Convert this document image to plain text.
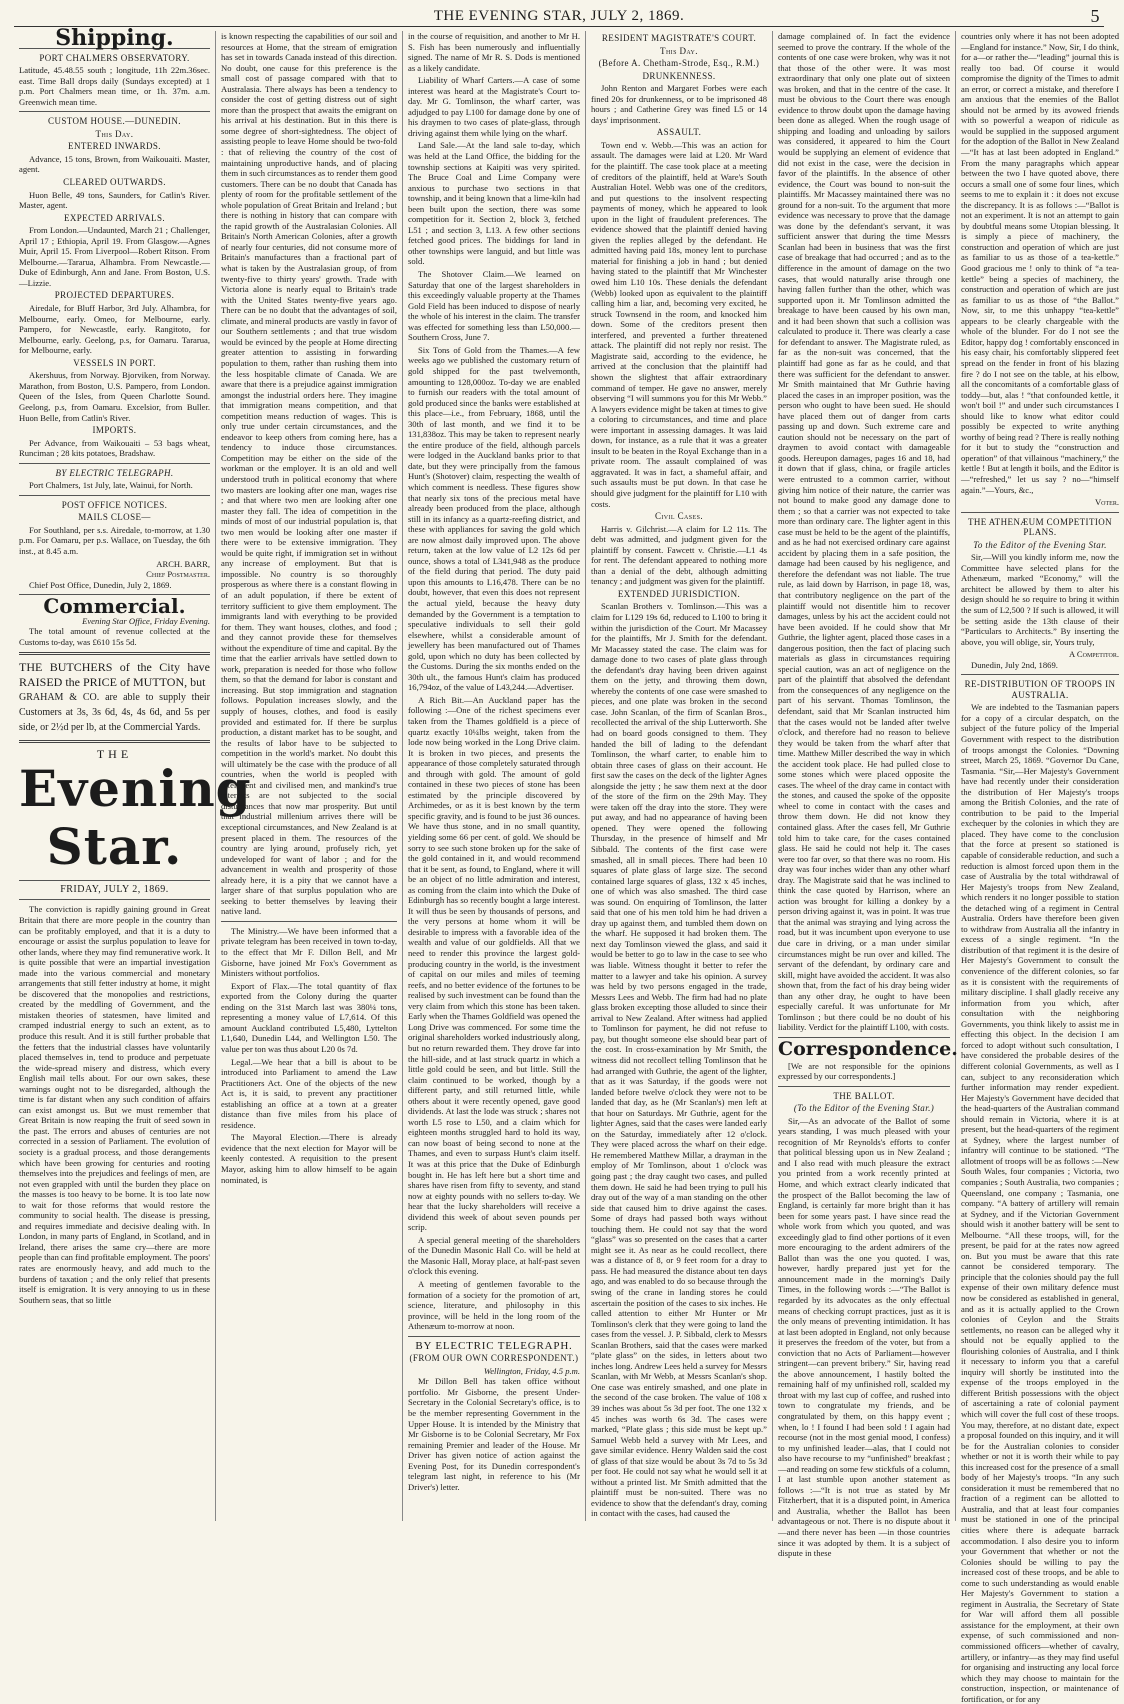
THE EVENING STAR, JULY 2, 1869.	5
Shipping.
PORT CHALMERS OBSERVATORY.

Latitude, 45.48.55 south ; longitude, 11h 22m.36sec. east. Time Ball drops daily (Sundays excepted) at 1 p.m. Port Chalmers mean time, or 1h. 37m. a.m. Greenwich mean time.

CUSTOM HOUSE.—DUNEDIN.
This Day.
ENTERED INWARDS.

Advance, 15 tons, Brown, from Waikouaiti. Master, agent.

CLEARED OUTWARDS.

Huon Belle, 49 tons, Saunders, for Catlin's River. Master, agent.

EXPECTED ARRIVALS.

From London.—Undaunted, March 21 ; Challenger, April 17 ; Ethiopia, April 19. From Glasgow.—Agnes Muir, April 15. From Liverpool—Robert Ritson. From Melbourne.—Tararua, Alhambra. From Newcastle.—Duke of Edinburgh, Ann and Jane. From Boston, U.S.—Lizzie.

PROJECTED DEPARTURES.

Airedale, for Bluff Harbor, 3rd July. Alhambra, for Melbourne, early. Omeo, for Melbourne, early. Pampero, for Newcastle, early. Rangitoto, for Melbourne, early. Geelong, p.s, for Oamaru. Tararua, for Melbourne, early.

VESSELS IN PORT.

Akershuus, from Norway. Bjorviken, from Norway. Marathon, from Boston, U.S. Pampero, from London. Queen of the Isles, from Queen Charlotte Sound. Geelong, p.s, from Oamaru. Excelsior, from Buller. Huon Belle, from Catlin's River.

IMPORTS.

Per Advance, from Waikouaiti – 53 bags wheat, Runciman ; 28 kits potatoes, Bradshaw.

BY ELECTRIC TELEGRAPH.

Port Chalmers, 1st July, late, Wainui, for North.

POST OFFICE NOTICES.
MAILS CLOSE—

For Southland, per s.s. Airedale, to-morrow, at 1.30 p.m. For Oamaru, per p.s. Wallace, on Tuesday, the 6th inst., at 8.45 a.m.

ARCH. BARR,
Chief Postmaster.

Chief Post Office, Dunedin, July 2, 1869.

Commercial.
Evening Star Office, Friday Evening.

The total amount of revenue collected at the Customs to-day, was £610 15s 5d.

THE BUTCHERS of the City have RAISED the PRICE of MUTTON, but
GRAHAM & CO. are able to supply their Customers at 3s, 3s 6d, 4s, 4s 6d, and 5s per side, or 2½d per lb, at the Commercial Yards.
THE
Evening Star.
FRIDAY, JULY 2, 1869.

The conviction is rapidly gaining ground in Great Britain that there are more people in the country than can be profitably employed, and that it is a duty to encourage or assist the surplus population to leave for other lands, where they may find remunerative work. It is quite possible that were an impartial investigation made into the various commercial and monetary arrangements that still fetter industry at home, it might be discovered that the monopolies and restrictions, created by the meddling of Government, and the mistaken theories of statesmen, have limited and cramped industrial energy to such an extent, as to produce this result. And it is still further probable that the fetters that the industrial classes have voluntarily placed themselves in, tend to produce and perpetuate the wide-spread misery and distress, which every English mail tells about. For our own sakes, these warnings ought not to be disregarded, although the time is far distant when any such condition of affairs can exist amongst us. But we must remember that Great Britain is now reaping the fruit of seed sown in the past. The errors and abuses of centuries are not corrected in a session of Parliament. The evolution of society is a gradual process, and those derangements which have been growing for centuries and rooting themselves into the prejudices and feelings of men, are not even grappled with until the burden they place on the masses is too heavy to be borne. It is too late now to wait for those reforms that would restore the community to social health. The disease is pressing, and requires immediate and decisive dealing with. In London, in many parts of England, in Scotland, and in Ireland, there arises the same cry—there are more people than can find profitable employment. The poors' rates are enormously heavy, and add much to the burdens of taxation ; and the only relief that presents itself is emigration. It is very annoying to us in these Southern seas, that so little

is known respecting the capabilities of our soil and resources at Home, that the stream of emigration has set in towards Canada instead of this direction. No doubt, one cause for this preference is the small cost of passage compared with that to Australasia. There always has been a tendency to consider the cost of getting distress out of sight more than the prospect that awaits the emigrant on his arrival at his destination. But in this there is some degree of short-sightedness. The object of assisting people to leave Home should be two-fold : that of relieving the country of the cost of maintaining unproductive hands, and of placing them in such circumstances as to render them good customers. There can be no doubt that Canada has plenty of room for the profitable settlement of the whole population of Great Britain and Ireland ; but there is nothing in history that can compare with the rapid growth of the Australasian Colonies. All Britain's North American Colonies, after a growth of nearly four centuries, did not consume more of Britain's manufactures than a fractional part of what is taken by the Australasian group, of from twenty-five to thirty years' growth. Trade with Victoria alone is nearly equal to Britain's trade with the United States twenty-five years ago. There can be no doubt that the advantages of soil, climate, and mineral products are vastly in favor of our Southern settlements ; and that true wisdom would be evinced by the people at Home directing greater attention to assisting in forwarding population to them, rather than rushing them into the less hospitable climate of Canada. We are aware that there is a prejudice against immigration amongst the industrial orders here. They imagine that immigration means competition, and that competition means reduction of wages. This is only true under certain circumstances, and the endeavor to keep others from coming here, has a tendency to induce those circumstances. Competition may be either on the side of the workman or the employer. It is an old and well understood truth in political economy that where two masters are looking after one man, wages rise ; and that where two men are looking after one master they fall. The idea of competition in the minds of most of our industrial population is, that two men would be looking after one master if there were to be extensive immigration. They would be quite right, if immigration set in without any increase of employment. But that is impossible. No country is so thoroughly prosperous as where there is a constant flowing in of an adult population, if there be extent of territory sufficient to give them employment. The immigrants land with everything to be provided for them. They want houses, clothes, and food ; and they cannot provide these for themselves without the expenditure of time and capital. By the time that the earlier arrivals have settled down to work, preparation is needed for those who follow them, so that the demand for labor is constant and increasing. But stop immigration and stagnation follows. Population increases slowly, and the supply of houses, clothes, and food is easily provided and estimated for. If there be surplus production, a distant market has to be sought, and the results of labor have to be subjected to competition in the world's market. No doubt this will ultimately be the case with the produce of all countries, when the world is peopled with intelligent and civilised men, and mankind's true interests are not subjected to the social disturbances that now mar prosperity. But until that industrial millenium arrives there will be exceptional circumstances, and New Zealand is at present placed in them. The resources of the country are lying around, profusely rich, yet undeveloped for want of labor ; and for the advancement in wealth and prosperity of those already here, it is a pity that we cannot have a larger share of that surplus population who are seeking to better themselves by leaving their native land.

The Ministry.—We have been informed that a private telegram has been received in town to-day, to the effect that Mr F. Dillon Bell, and Mr Gisborne, have joined Mr Fox's Government as Ministers without portfolios.

Export of Flax.—The total quantity of flax exported from the Colony during the quarter ending on the 31st March last was 380¼ tons, representing a money value of L7,614. Of this amount Auckland contributed L5,480, Lyttelton L1,640, Dunedin L44, and Wellington L50. The value per ton was thus about L20 0s 7d.

Legal.—We hear that a bill is about to be introduced into Parliament to amend the Law Practitioners Act. One of the objects of the new Act is, it is said, to prevent any practitioner establishing an office at a town at a greater distance than five miles from his place of residence.

The Mayoral Election.—There is already evidence that the next election for Mayor will be keenly contested. A requisition to the present Mayor, asking him to allow himself to be again nominated, is

in the course of requisition, and another to Mr H. S. Fish has been numerously and influentially signed. The name of Mr R. S. Dods is mentioned as a likely candidate.

Liability of Wharf Carters.—A case of some interest was heard at the Magistrate's Court to-day. Mr G. Tomlinson, the wharf carter, was adjudged to pay L100 for damage done by one of his draymen to two cases of plate-glass, through driving against them while lying on the wharf.

Land Sale.—At the land sale to-day, which was held at the Land Office, the bidding for the township sections at Kaipiti was very spirited. The Bruce Coal and Lime Company were anxious to purchase two sections in that township, and it being known that a lime-kiln had been built upon the section, there was some competition for it. Section 2, block 3, fetched L51 ; and section 3, L13. A few other sections fetched good prices. The biddings for land in other townships were languid, and but little was sold.

The Shotover Claim.—We learned on Saturday that one of the largest shareholders in this exceedingly valuable property at the Thames Gold Field has been induced to dispose of nearly the whole of his interest in the claim. The transfer was effected for something less than L50,000.—Southern Cross, June 7.

Six Tons of Gold from the Thames.—A few weeks ago we published the customary return of gold shipped for the past twelvemonth, amounting to 128,000oz. To-day we are enabled to furnish our readers with the total amount of gold produced since the banks were established at this place—i.e., from February, 1868, until the 30th of last month, and we find it to be 131,838oz. This may be taken to represent nearly the entire produce of the field, although parcels were lodged in the Auckland banks prior to that date, but they were principally from the famous Hunt's (Shotover) claim, respecting the wealth of which comment is needless. These figures show that nearly six tons of the precious metal have already been produced from the place, although still in its infancy as a quartz-reefing district, and these with appliances for saving the gold which are now almost daily improved upon. The above return, taken at the low value of L2 12s 6d per ounce, shows a total of L341,948 as the produce of the field during that period. The duty paid upon this amounts to L16,478. There can be no doubt, however, that even this does not represent the actual yield, because the heavy duty demanded by the Government is a temptation to speculative individuals to sell their gold elsewhere, whilst a considerable amount of jewellery has been manufactured out of Thames gold, upon which no duty has been collected by the Customs. During the six months ended on the 30th ult., the famous Hunt's claim has produced 16,794oz, of the value of L43,244.—Advertiser.

A Rich Bit.—An Auckland paper has the following :—One of the richest specimens ever taken from the Thames goldfield is a piece of quartz exactly 10¼lbs weight, taken from the lode now being worked in the Long Drive claim. It is broken in two pieces, and presents the appearance of those completely saturated through and through with gold. The amount of gold contained in these two pieces of stone has been estimated by the principle discovered by Archimedes, or as it is best known by the term specific gravity, and is found to be just 36 ounces. We have thus stone, and in no small quantity, yielding some 66 per cent. of gold. We should be sorry to see such stone broken up for the sake of the gold contained in it, and would recommend that it be sent, as found, to England, where it will be an object of no little admiration and interest, as coming from the claim into which the Duke of Edinburgh has so recently bought a large interest. It will thus be seen by thousands of persons, and the very persons at home whom it will be desirable to impress with a favorable idea of the wealth and value of our goldfields. All that we need to render this province the largest gold-producing country in the world, is the investment of capital on our miles and miles of teeming reefs, and no better evidence of the fortunes to be realised by such investment can be found than the very claim from which this stone has been taken. Early when the Thames Goldfield was opened the Long Drive was commenced. For some time the original shareholders worked industriously along, but no return rewarded them. They drove far into the hill-side, and at last struck quartz in which a little gold could be seen, and but little. Still the claim continued to be worked, though by a different party, and still returned little, while others about it were recently opened, gave good dividends. At last the lode was struck ; shares not worth L5 rose to L50, and a claim which for eighteen months struggled hard to hold its way, can now boast of being second to none at the Thames, and even to surpass Hunt's claim itself. It was at this price that the Duke of Edinburgh bought in. He has left here but a short time and shares have risen from fifty to seventy, and stand now at eighty pounds with no sellers to-day. We hear that the lucky shareholders will receive a dividend this week of about seven pounds per scrip.

A special general meeting of the shareholders of the Dunedin Masonic Hall Co. will be held at the Masonic Hall, Moray place, at half-past seven o'clock this evening.

A meeting of gentlemen favorable to the formation of a society for the promotion of art, science, literature, and philosophy in this province, will be held in the long room of the Athenæum to-morrow at noon.

BY ELECTRIC TELEGRAPH.
(FROM OUR OWN CORRESPONDENT.)
Wellington, Friday, 4.5 p.m.

Mr Dillon Bell has taken office without portfolio. Mr Gisborne, the present Under-Secretary in the Colonial Secretary's office, is to be the member representing Government in the Upper House. It is intended by the Ministry that Mr Gisborne is to be Colonial Secretary, Mr Fox remaining Premier and leader of the House. Mr Driver has given notice of action against the Evening Post, for its Dunedin correspondent's telegram last night, in reference to his (Mr Driver's) letter.

RESIDENT MAGISTRATE'S COURT.
This Day.
(Before A. Chetham-Strode, Esq., R.M.)
DRUNKENNESS.

John Renton and Margaret Forbes were each fined 20s for drunkenness, or to be imprisoned 48 hours ; and Catherine Grey was fined L5 or 14 days' imprisonment.

ASSAULT.

Town end v. Webb.—This was an action for assault. The damages were laid at L20. Mr Ward for the plaintiff. The case took place at a meeting of creditors of the plaintiff, held at Ware's South Australian Hotel. Webb was one of the creditors, and put questions to the insolvent respecting payments of money, which he appeared to look upon in the light of fraudulent preferences. The evidence showed that the plaintiff denied having given the replies alleged by the defendant. He admitted having paid 18s, money lent to purchase material for finishing a job in hand ; but denied having stated to the plaintiff that Mr Winchester owed him L10 10s. These denials the defendant (Webb) looked upon as equivalent to the plaintiff calling him a liar, and, becoming very excited, he struck Townsend in the room, and knocked him down. Some of the creditors present then interfered, and prevented a further threatened attack. The plaintiff did not reply nor resist. The Magistrate said, according to the evidence, he arrived at the conclusion that the plaintiff had shown the slightest that affair extraordinary command of temper. He gave no answer, merely observing “I will summons you for this Mr Webb.” A lawyers evidence might be taken at times to give a coloring to circumstances, and time and place were important in assessing damages. It was laid down, for instance, as a rule that it was a greater insult to be beaten in the Royal Exchange than in a private room. The assault complained of was aggravated. It was in fact, a shameful affair, and such assaults must be put down. In that case he should give judgment for the plaintiff for L10 with costs.

Civil Cases.

Harris v. Gilchrist.—A claim for L2 11s. The debt was admitted, and judgment given for the plaintiff by consent. Fawcett v. Christie.—L1 4s for rent. The defendant appeared to nothing more than a denial of the debt, although admitting tenancy ; and judgment was given for the plaintiff.

EXTENDED JURISDICTION.

Scanlan Brothers v. Tomlinson.—This was a claim for L129 19s 6d, reduced to L100 to bring it within the jurisdiction of the Court. Mr Macassey for the plaintiffs, Mr J. Smith for the defendant. Mr Macassey stated the case. The claim was for damage done to two cases of plate glass through the defendant's dray having been driven against them on the jetty, and throwing them down, whereby the contents of one case were smashed to pieces, and one plate was broken in the second case. John Scanlan, of the firm of Scanlan Bros., recollected the arrival of the ship Lutterworth. She had on board goods consigned to them. They handed the bill of lading to the defendant Tomlinson, the wharf carter, to enable him to obtain three cases of glass on their account. He first saw the cases on the deck of the lighter Agnes alongside the jetty ; he saw them next at the door of the store of the firm on the 29th May. They were taken off the dray into the store. They were put away, and had no appearance of having been opened. They were opened the following Thursday, in the presence of himself and Mr Sibbald. The contents of the first case were smashed, all in small pieces. There had been 10 squares of plate glass of large size. The second contained large squares of glass, 132 x 45 inches, one of which was also smashed. The third case was sound. On enquiring of Tomlinson, the latter said that one of his men told him he had driven a dray up against them, and tumbled them down on the wharf. He supposed it had broken them. The next day Tomlinson viewed the glass, and said it would be better to go to law in the case to see who was liable. Witness thought it better to refer the matter to a lawyer and take his opinion. A survey was held by two persons engaged in the trade, Messrs Lees and Webb. The firm had had no plate glass broken excepting those alluded to since their arrival to New Zealand. After witness had applied to Tomlinson for payment, he did not refuse to pay, but thought someone else should bear part of the cost. In cross-examination by Mr Smith, the witness did not recollect telling Tomlinson that he had arranged with Guthrie, the agent of the lighter, that as it was Saturday, if the goods were not landed before twelve o'clock they were not to be landed that day, as he (Mr Scanlan's) men left at that hour on Saturdays. Mr Guthrie, agent for the lighter Agnes, said that the cases were landed early on the Saturday, immediately after 12 o'clock. They were placed across the wharf on their edge. He remembered Matthew Millar, a drayman in the employ of Mr Tomlinson, about 1 o'clock was going past ; the dray caught two cases, and pulled them down. He said he had been trying to pull his dray out of the way of a man standing on the other side that caused him to drive against the cases. Some of drays had passed both ways without touching them. He could not say that the word “glass” was so presented on the cases that a carter might see it. As near as he could recollect, there was a distance of 8, or 9 feet room for a dray to pass. He had measured the distance about ten days ago, and was enabled to do so because through the swing of the crane in landing stores he could ascertain the position of the cases to six inches. He called attention to either Mr Hunter or Mr Tomlinson's clerk that they were going to land the cases from the vessel. J. P. Sibbald, clerk to Messrs Scanlan Brothers, said that the cases were marked “plate glass” on the sides, in letters about two inches long. Andrew Lees held a survey for Messrs Scanlan, with Mr Webb, at Messrs Scanlan's shop. One case was entirely smashed, and one plate in the second of the case broken. The value of 108 x 39 inches was about 5s 3d per foot. The one 132 x 45 inches was worth 6s 3d. The cases were marked, “Plate glass ; this side must be kept up.” Samuel Webb held a survey with Mr Lees, and gave similar evidence. Henry Walden said the cost of glass of that size would be about 3s 7d to 5s 3d per foot. He could not say what he would sell it at without a printed list. Mr Smith admitted that the plaintiff must be non-suited. There was no evidence to show that the defendant's dray, coming in contact with the cases, had caused the

damage complained of. In fact the evidence seemed to prove the contrary. If the whole of the contents of one case were broken, why was it not that those of the other were. It was most extraordinary that only one plate out of sixteen was broken, and that in the centre of the case. It must be obvious to the Court there was enough evidence to throw doubt upon the damage having been done as alleged. When the rough usage of shipping and loading and unloading by sailors was considered, it appeared to him the Court would be supplying an element of evidence that did not exist in the case, were the decision in favor of the plaintiffs. In the absence of other evidence, the Court was bound to non-suit the plaintiffs. Mr Macassey maintained there was no ground for a non-suit. To the argument that more evidence was necessary to prove that the damage was done by the defendant's servant, it was sufficient answer that during the time Messrs Scanlan had been in business that was the first case of breakage that had occurred ; and as to the difference in the amount of damage on the two cases, that would naturally arise through one having fallen further than the other, which was supported upon it. Mr Tomlinson admitted the breakage to have been caused by his own man, and it had been shown that such a collision was calculated to produce it. There was clearly a case for defendant to answer. The Magistrate ruled, as far as the non-suit was concerned, that the plaintiff had gone as far as he could, and that there was sufficient for the defendant to answer. Mr Smith maintained that Mr Guthrie having placed the cases in an improper position, was the person who ought to have been sued. He should have placed them out of danger from carts passing up and down. Such extreme care and caution should not be necessary on the part of draymen to avoid contact with damageable goods. Hereupon damages, pages 16 and 18, had it down that if glass, china, or fragile articles were entrusted to a common carrier, without giving him notice of their nature, the carrier was not bound to make good any damage done to them ; so that a carrier was not expected to take more than ordinary care. The lighter agent in this case must be held to be the agent of the plaintiffs, and as he had not exercised ordinary care against accident by placing them in a safe position, the damage had been caused by his negligence, and therefore the defendant was not liable. The true rule, as laid down by Harrison, in page 18, was, that contributory negligence on the part of the plaintiff would not disentitle him to recover damages, unless by his act the accident could not have been avoided. If he could show that Mr Guthrie, the lighter agent, placed those cases in a dangerous position, then the fact of placing such materials as glass in circumstances requiring special caution, was an act of negligence on the part of the plaintiff that absolved the defendant from the consequences of any negligence on the part of his servant. Thomas Tomlinson, the defendant, said that Mr Scanlan instructed him that the cases would not be landed after twelve o'clock, and therefore had no reason to believe they would be taken from the wharf after that time. Matthew Miller described the way in which the accident took place. He had pulled close to some stones which were placed opposite the cases. The wheel of the dray came in contact with the stones, and caused the spoke of the opposite wheel to come in contact with the cases and throw them down. He did not know they contained glass. After the cases fell, Mr Guthrie told him to take care, for the cases contained glass. He said he could not help it. The cases were too far over, so that there was no room. His dray was four inches wider than any other wharf dray. The Magistrate said that he was inclined to think the case quoted by Harrison, where an action was brought for killing a donkey by a person driving against it, was in point. It was true that the animal was straying and lying across the road, but it was incumbent upon everyone to use due care in driving, or a man under similar circumstances might be run over and killed. The servant of the defendant, by ordinary care and skill, might have avoided the accident. It was also shown that, from the fact of his dray being wider than any other dray, he ought to have been especially careful. It was unfortunate for Mr Tomlinson ; but there could be no doubt of his liability. Verdict for the plaintiff L100, with costs.

Correspondence.

[We are not responsible for the opinions expressed by our correspondents.]

THE BALLOT.
(To the Editor of the Evening Star.)

Sir,—As an advocate of the Ballot of some years standing, I was much pleased with your recognition of Mr Reynolds's efforts to confer that political blessing upon us in New Zealand ; and I also read with much pleasure the extract you printed from a work recently printed at Home, and which extract clearly indicated that the prospect of the Ballot becoming the law of England, is certainly far more bright than it has been for some years past. I have since read the whole work from which you quoted, and was exceedingly glad to find other portions of it even more encouraging to the ardent admirers of the Ballot than was the one you quoted. I was, however, hardly prepared just yet for the announcement made in the morning's Daily Times, in the following words :—“The Ballot is regarded by its advocates as the only effectual means of checking corrupt practices, just as it is the only means of preventing intimidation. It has at last been adopted in England, not only because it preserves the freedom of the voter, but from a conviction that no Acts of Parliament—however stringent—can prevent bribery.” Sir, having read the above announcement, I hastily bolted the remaining half of my unfinished roll, scalded my throat with my last cup of coffee, and rushed into town to congratulate my friends, and be congratulated by them, on this happy event ; when, lo ! I found I had been sold ! I again had recourse (not in the most genial mood, I confess) to my unfinished leader—alas, that I could not also have recourse to my “unfinished” breakfast ;—and reading on some few stickfuls of a column, I at last stumble upon another statement as follows :—“It is not true as stated by Mr Fitzherbert, that it is a disputed point, in America and Australia, whether the Ballot has been advantageous or not. There is no dispute about it—and there never has been —in those countries since it was adopted by them. It is a subject of dispute in these

countries only where it has not been adopted —England for instance.” Now, Sir, I do think, for a—or rather the—“leading” journal this is really too bad. Of course it would compromise the dignity of the Times to admit an error, or correct a mistake, and therefore I am anxious that the enemies of the Ballot should not be armed by its avowed friends with so powerful a weapon of ridicule as would be supplied in the supposed argument for the adoption of the Ballot in New Zealand—“It has at last been adopted in England.” From the many paragraphs which appear between the two I have quoted above, there occurs a small one of some four lines, which seems to me to explain it : it does not excuse the discrepancy. It is as follows :—“Ballot is not an experiment. It is not an attempt to gain by doubtful means some Utopian blessing. It is simply a piece of machinery, the construction and operation of which are just as familiar to us as those of a tea-kettle.” Good gracious me ! only to think of “a tea-kettle” being a species of machinery, the construction and operation of which are just as familiar to us as those of “the Ballot.” Now, sir, to me this unhappy “tea-kettle” appears to be clearly chargeable with the whole of the blunder. For do I not see the Editor, happy dog ! comfortably ensconced in his easy chair, his comfortably slippered feet spread on the fender in front of his blazing fire ? do I not see on the table, at his elbow, all the concomitants of a comfortable glass of toddy—but, alas ! “that confounded kettle, it won't boil !” and under such circumstances I should like to know what editor could possibly be expected to write anything worthy of being read ? There is really nothing for it but to study the “construction and operation” of that villainous “machinery,” the kettle ! But at length it boils, and the Editor is—“refreshed,” let us say ? no—“himself again.”—Yours, &c.,

Voter.
THE ATHENÆUM COMPETITION PLANS.
To the Editor of the Evening Star.

Sir,—Will you kindly inform me, now the Committee have selected plans for the Athenæum, marked “Economy,” will the architect be allowed by them to alter his design should he so require to bring it within the sum of L2,500 ? If such is allowed, it will be setting aside the 13th clause of their “Particulars to Architects.” By inserting the above, you will oblige, sir, Yours truly,

A Competitor.

Dunedin, July 2nd, 1869.

RE-DISTRIBUTION OF TROOPS IN AUSTRALIA.

We are indebted to the Tasmanian papers for a copy of a circular despatch, on the subject of the future policy of the Imperial Government with respect to the distribution of troops amongst the Colonies. “Downing street, March 25, 1869. “Governor Du Cane, Tasmania. “Sir,—Her Majesty's Government have had recently under their consideration the distribution of Her Majesty's troops among the British Colonies, and the rate of contribution to be paid to the Imperial exchequer by the colonies in which they are placed. They have come to the conclusion that the force at present so stationed is capable of considerable reduction, and such a reduction is almost forced upon them in the case of Australia by the total withdrawal of Her Majesty's troops from New Zealand, which renders it no longer possible to station the detached wing of a regiment in Central Australia. Orders have therefore been given to withdraw from Australia all the infantry in excess of a single regiment. “In the distribution of that regiment it is the desire of Her Majesty's Government to consult the convenience of the different colonies, so far as it is consistent with the requirements of military discipline. I shall gladly receive any information from you which, after consultation with the neighboring Governments, you think likely to assist me in effecting this object. In the decision I am forced to adopt without such consultation, I have considered the probable desires of the different colonial Governments, as well as I can, subject to any reconsideration which further information may render expedient. Her Majesty's Government have decided that the head-quarters of the Australian command should remain in Victoria, where it is at present, but the head-quarters of the regiment at Sydney, where the largest number of infantry will continue to be stationed. “The allotment of troops will be as follows :—New South Wales, four companies ; Victoria, two companies ; South Australia, two companies ; Queensland, one company ; Tasmania, one company. “A battery of artillery will remain at Sydney, and if the Victorian Government should wish it another battery will be sent to Melbourne. “All these troops, will, for the present, be paid for at the rates now agreed on. But you must be aware that this rate cannot be considered temporary. The principle that the colonies should pay the full expense of their own military defence must now be considered as established in general, and as it is actually applied to the Crown colonies of Ceylon and the Straits settlements, no reason can be alleged why it should not be equally applied to the flourishing colonies of Australia, and I think it necessary to inform you that a careful inquiry will shortly be instituted into the expense of the troops employed in the different British possessions with the object of ascertaining a rate of colonial payment which will cover the full cost of these troops. You may, therefore, at no distant date, expect a proposal founded on this inquiry, and it will be for the Australian colonies to consider whether or not it is worth their while to pay this increased cost for the presence of a small body of her Majesty's troops. “In any such consideration it must be remembered that no fraction of a regiment can be allotted to Australia, and that at least four companies must be stationed in one of the principal cities where there is adequate barrack accommodation. I also desire you to inform your Government that whether or not the Colonies should be willing to pay the increased cost of these troops, and be able to come to such understanding as would enable Her Majesty's Government to station a regiment in Australia, the Secretary of State for War will afford them all possible assistance for the employment, at their own expense, of such commissioned and non-commissioned officers—whether of cavalry, artillery, or infantry—as they may find useful for organising and instructing any local force which they may choose to maintain for the construction, inspection, or maintenance of fortification, or for any
